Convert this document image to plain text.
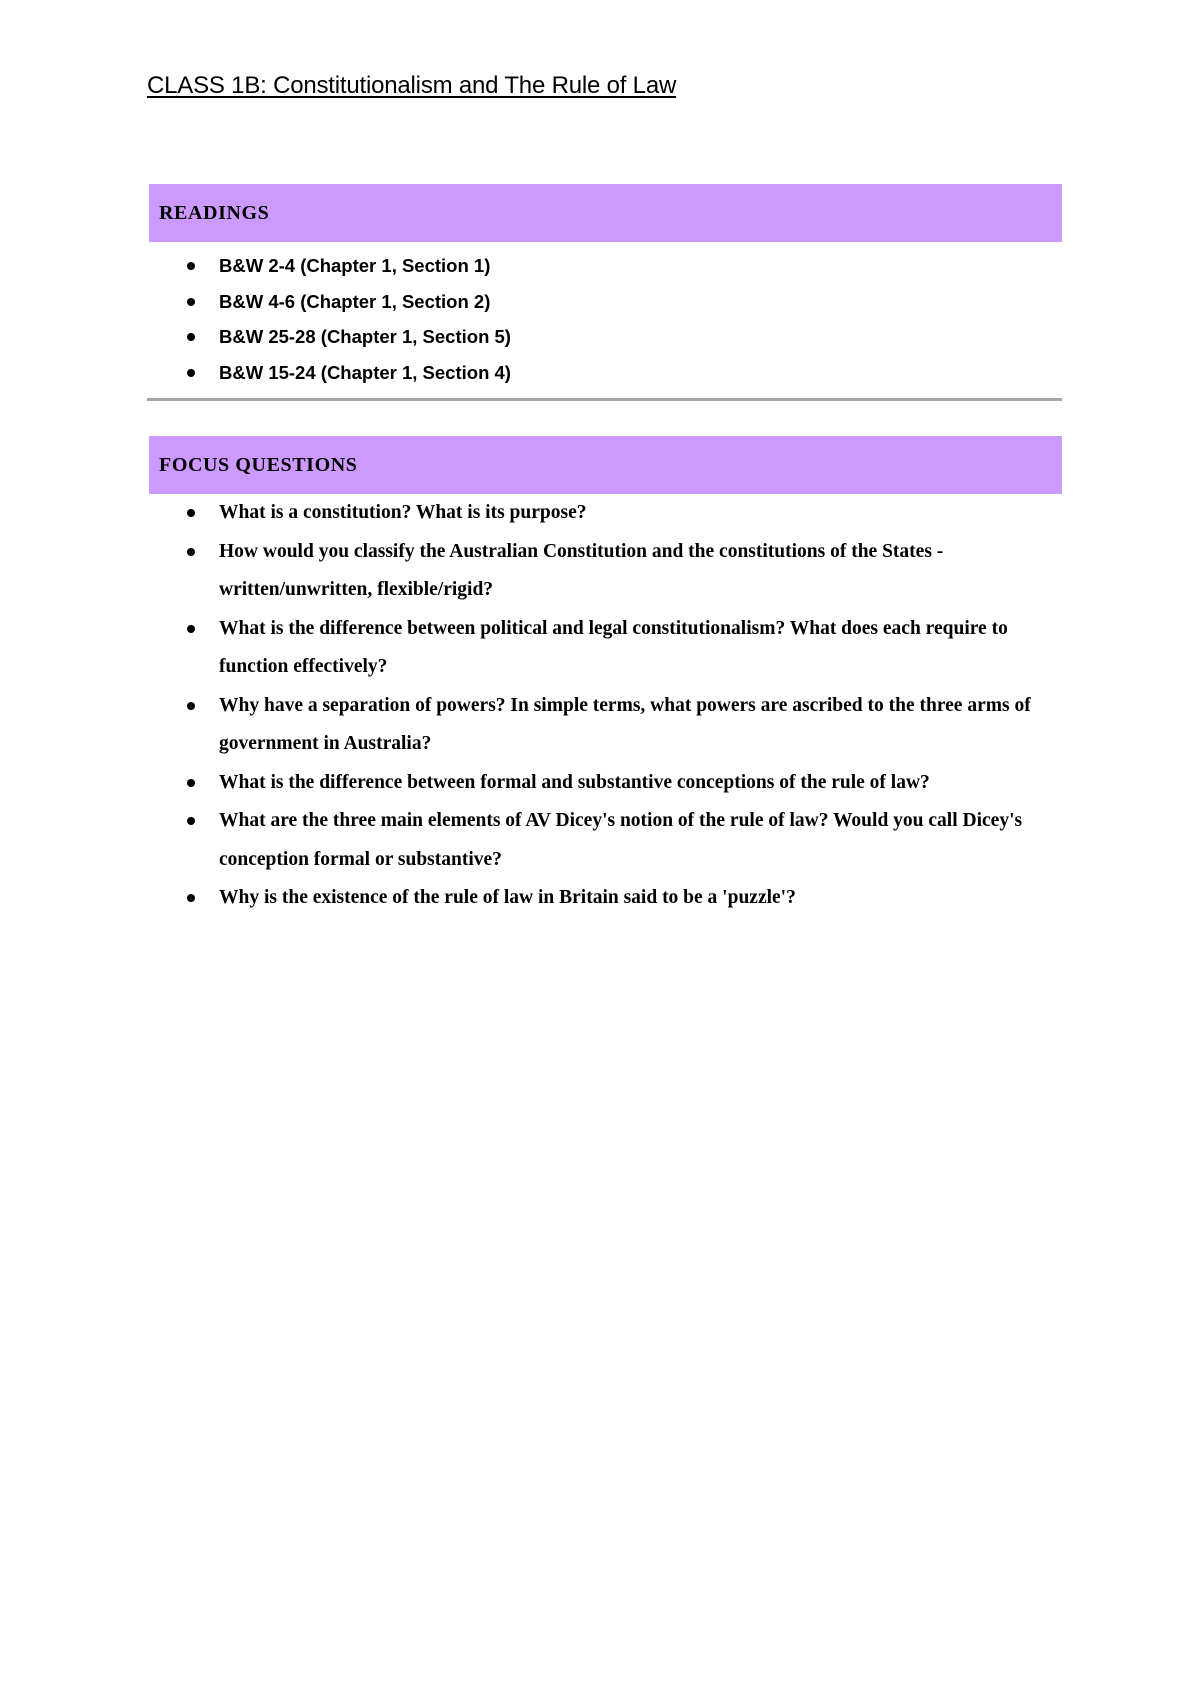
CLASS 1B: Constitutionalism and The Rule of Law
READINGS
B&W 2-4 (Chapter 1, Section 1)
B&W 4-6 (Chapter 1, Section 2)
B&W 25-28 (Chapter 1, Section 5)
B&W 15-24 (Chapter 1, Section 4)
FOCUS QUESTIONS
What is a constitution? What is its purpose?
How would you classify the Australian Constitution and the constitutions of the States - written/unwritten, flexible/rigid?
What is the difference between political and legal constitutionalism? What does each require to function effectively?
Why have a separation of powers? In simple terms, what powers are ascribed to the three arms of government in Australia?
What is the difference between formal and substantive conceptions of the rule of law?
What are the three main elements of AV Dicey's notion of the rule of law? Would you call Dicey's conception formal or substantive?
Why is the existence of the rule of law in Britain said to be a 'puzzle'?
